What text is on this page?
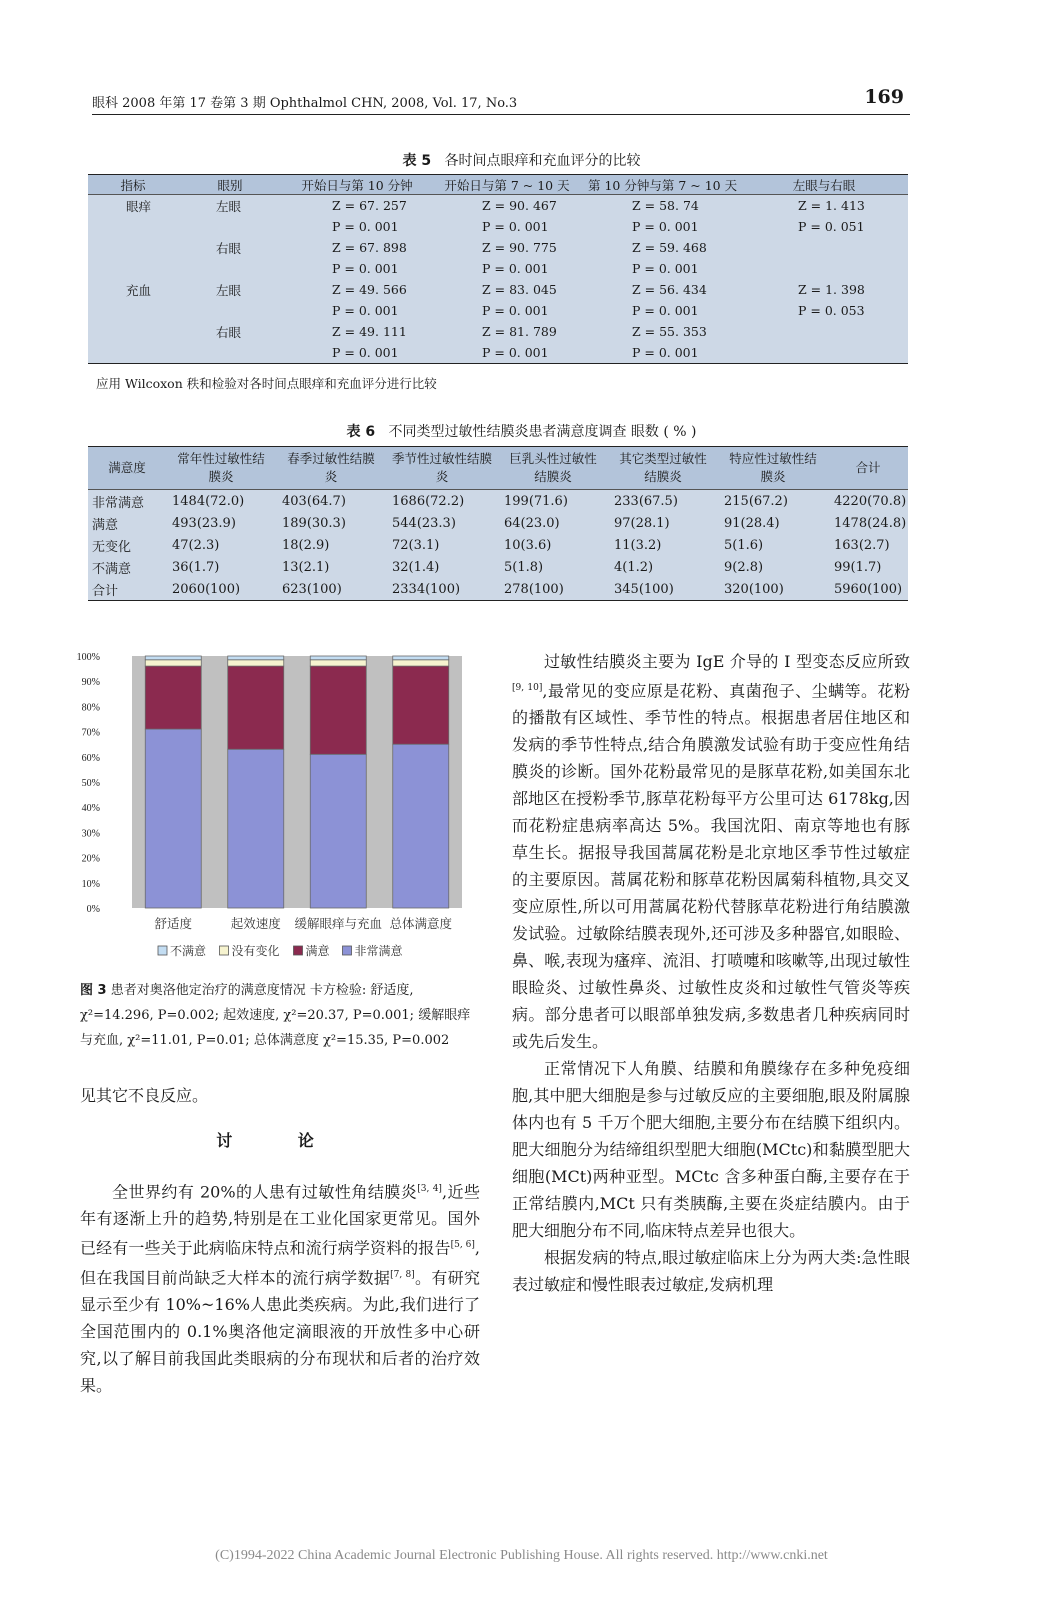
眼科 2008 年第 17 卷第 3 期 Ophthalmol CHN, 2008, Vol. 17, No.3	169
表 5 各时间点眼痒和充血评分的比较
指标	眼别	开始日与第 10 分钟	开始日与第 7 ~ 10 天	第 10 分钟与第 7 ~ 10 天	左眼与右眼
眼痒	左眼	Z = 67. 257	Z = 90. 467	Z = 58. 74	Z = 1. 413
		P = 0. 001	P = 0. 001	P = 0. 001	P = 0. 051
	右眼	Z = 67. 898	Z = 90. 775	Z = 59. 468	
		P = 0. 001	P = 0. 001	P = 0. 001	
充血	左眼	Z = 49. 566	Z = 83. 045	Z = 56. 434	Z = 1. 398
		P = 0. 001	P = 0. 001	P = 0. 001	P = 0. 053
	右眼	Z = 49. 111	Z = 81. 789	Z = 55. 353	
		P = 0. 001	P = 0. 001	P = 0. 001	
应用 Wilcoxon 秩和检验对各时间点眼痒和充血评分进行比较
表 6 不同类型过敏性结膜炎患者满意度调查 眼数 ( % )
满意度	常年性过敏性结膜炎	春季过敏性结膜炎	季节性过敏性结膜炎	巨乳头性过敏性结膜炎	其它类型过敏性结膜炎	特应性过敏性结膜炎	合计
非常满意	1484(72.0)	403(64.7)	1686(72.2)	199(71.6)	233(67.5)	215(67.2)	4220(70.8)
满意	493(23.9)	189(30.3)	544(23.3)	64(23.0)	97(28.1)	91(28.4)	1478(24.8)
无变化	47(2.3)	18(2.9)	72(3.1)	10(3.6)	11(3.2)	5(1.6)	163(2.7)
不满意	36(1.7)	13(2.1)	32(1.4)	5(1.8)	4(1.2)	9(2.8)	99(1.7)
合计	2060(100)	623(100)	2334(100)	278(100)	345(100)	320(100)	5960(100)
0%
10%
20%
30%
40%
50%
60%
70%
80%
90%
100%
舒适度	起效速度 缓解眼痒与充血 总体满意度
不满意 没有变化 满意 非常满意
图 3 患者对奥洛他定治疗的满意度情况 卡方检验: 舒适度, χ²=14.296, P=0.002; 起效速度, χ²=20.37, P=0.001; 缓解眼痒与充血, χ²=11.01, P=0.01; 总体满意度 χ²=15.35, P=0.002

见其它不良反应。

讨 论

全世界约有 20%的人患有过敏性角结膜炎[3, 4],近些年有逐渐上升的趋势,特别是在工业化国家更常见。国外已经有一些关于此病临床特点和流行病学资料的报告[5, 6],但在我国目前尚缺乏大样本的流行病学数据[7, 8]。有研究显示至少有 10%~16%人患此类疾病。为此,我们进行了全国范围内的 0.1%奥洛他定滴眼液的开放性多中心研究,以了解目前我国此类眼病的分布现状和后者的治疗效果。

过敏性结膜炎主要为 IgE 介导的 Ⅰ 型变态反应所致[9, 10],最常见的变应原是花粉、真菌孢子、尘螨等。花粉的播散有区域性、季节性的特点。根据患者居住地区和发病的季节性特点,结合角膜激发试验有助于变应性角结膜炎的诊断。国外花粉最常见的是豚草花粉,如美国东北部地区在授粉季节,豚草花粉每平方公里可达 6178kg,因而花粉症患病率高达 5%。我国沈阳、南京等地也有豚草生长。据报导我国蒿属花粉是北京地区季节性过敏症的主要原因。蒿属花粉和豚草花粉因属菊科植物,具交叉变应原性,所以可用蒿属花粉代替豚草花粉进行角结膜激发试验。过敏除结膜表现外,还可涉及多种器官,如眼睑、鼻、喉,表现为瘙痒、流泪、打喷嚏和咳嗽等,出现过敏性眼睑炎、过敏性鼻炎、过敏性皮炎和过敏性气管炎等疾病。部分患者可以眼部单独发病,多数患者几种疾病同时或先后发生。

正常情况下人角膜、结膜和角膜缘存在多种免疫细胞,其中肥大细胞是参与过敏反应的主要细胞,眼及附属腺体内也有 5 千万个肥大细胞,主要分布在结膜下组织内。肥大细胞分为结缔组织型肥大细胞(MCtc)和黏膜型肥大细胞(MCt)两种亚型。MCtc 含多种蛋白酶,主要存在于正常结膜内,MCt 只有类胰酶,主要在炎症结膜内。由于肥大细胞分布不同,临床特点差异也很大。

根据发病的特点,眼过敏症临床上分为两大类:急性眼表过敏症和慢性眼表过敏症,发病机理

(C)1994-2022 China Academic Journal Electronic Publishing House. All rights reserved. http://www.cnki.net
